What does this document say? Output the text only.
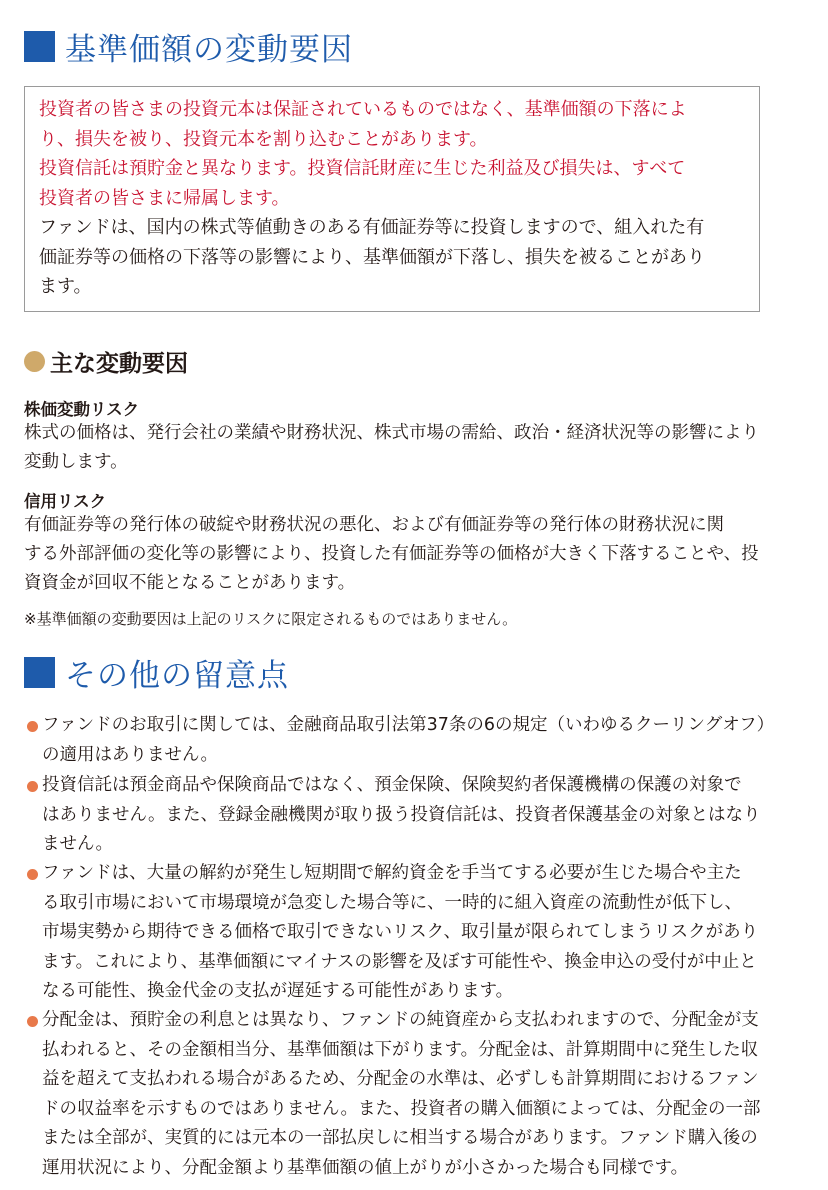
基準価額の変動要因

投資者の皆さまの投資元本は保証されているものではなく、基準価額の下落によ
り、損失を被り、投資元本を割り込むことがあります。
投資信託は預貯金と異なります。投資信託財産に生じた利益及び損失は、すべて
投資者の皆さまに帰属します。

ファンドは、国内の株式等値動きのある有価証券等に投資しますので、組入れた有
価証券等の価格の下落等の影響により、基準価額が下落し、損失を被ることがあり
ます。

主な変動要因
株価変動リスク
株式の価格は、発行会社の業績や財務状況、株式市場の需給、政治・経済状況等の影響により
変動します。
信用リスク
有価証券等の発行体の破綻や財務状況の悪化、および有価証券等の発行体の財務状況に関
する外部評価の変化等の影響により、投資した有価証券等の価格が大きく下落することや、投
資資金が回収不能となることがあります。
※基準価額の変動要因は上記のリスクに限定されるものではありません。
その他の留意点

ファンドのお取引に関しては、金融商品取引法第37条の6の規定（いわゆるクーリングオフ）
の適用はありません。

投資信託は預金商品や保険商品ではなく、預金保険、保険契約者保護機構の保護の対象で
はありません。また、登録金融機関が取り扱う投資信託は、投資者保護基金の対象とはなり
ません。

ファンドは、大量の解約が発生し短期間で解約資金を手当てする必要が生じた場合や主た
る取引市場において市場環境が急変した場合等に、一時的に組入資産の流動性が低下し、
市場実勢から期待できる価格で取引できないリスク、取引量が限られてしまうリスクがあり
ます。これにより、基準価額にマイナスの影響を及ぼす可能性や、換金申込の受付が中止と
なる可能性、換金代金の支払が遅延する可能性があります。

分配金は、預貯金の利息とは異なり、ファンドの純資産から支払われますので、分配金が支
払われると、その金額相当分、基準価額は下がります。分配金は、計算期間中に発生した収
益を超えて支払われる場合があるため、分配金の水準は、必ずしも計算期間におけるファン
ドの収益率を示すものではありません。また、投資者の購入価額によっては、分配金の一部
または全部が、実質的には元本の一部払戻しに相当する場合があります。ファンド購入後の
運用状況により、分配金額より基準価額の値上がりが小さかった場合も同様です。
